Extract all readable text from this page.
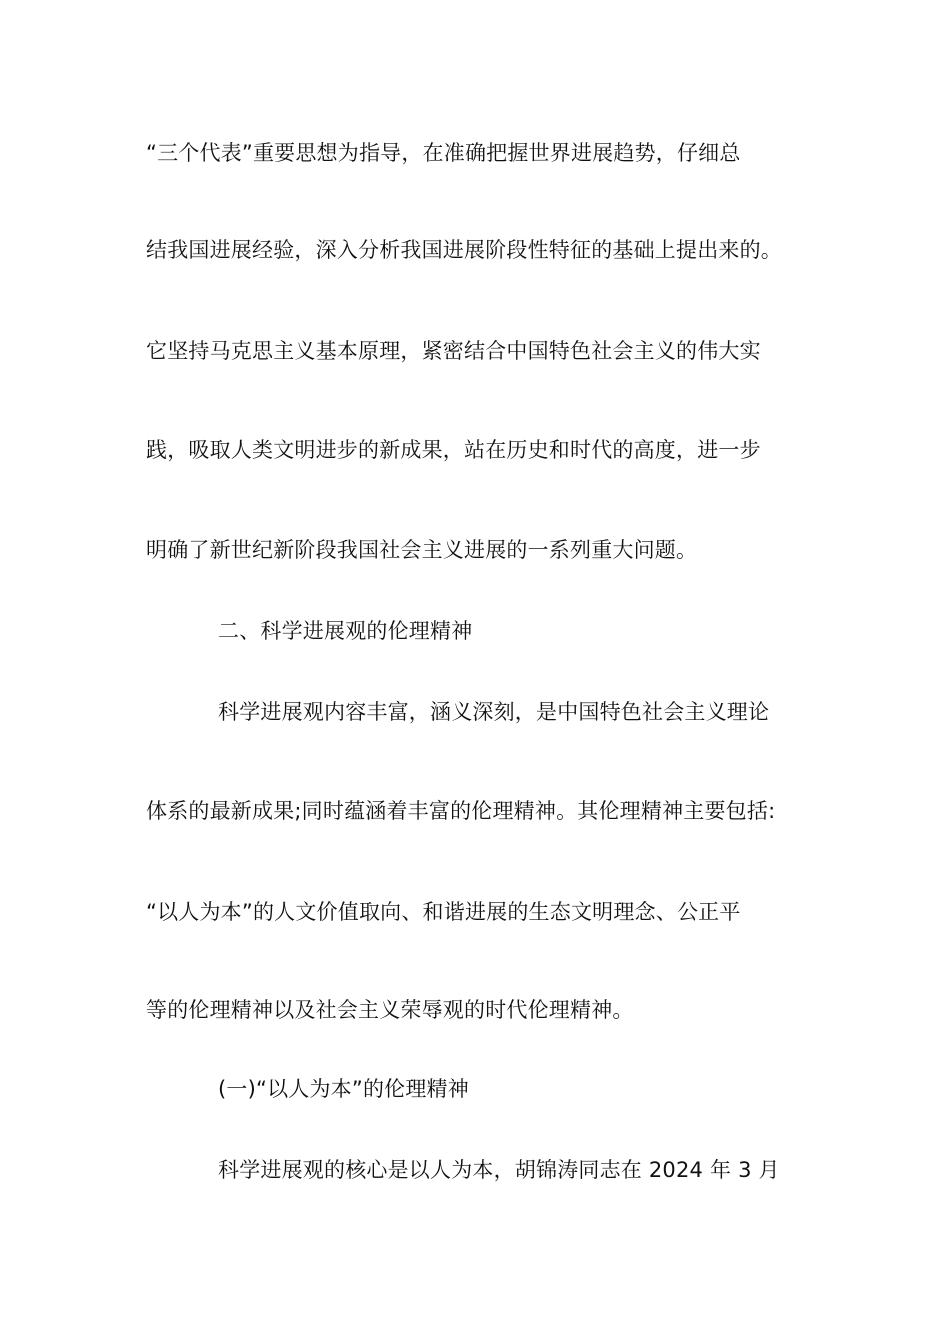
“三个代表”重要思想为指导，在准确把握世界进展趋势，仔细总
结我国进展经验，深入分析我国进展阶段性特征的基础上提出来的。
它坚持马克思主义基本原理，紧密结合中国特色社会主义的伟大实
践，吸取人类文明进步的新成果，站在历史和时代的高度，进一步
明确了新世纪新阶段我国社会主义进展的一系列重大问题。
二、科学进展观的伦理精神
科学进展观内容丰富，涵义深刻，是中国特色社会主义理论
体系的最新成果;同时蕴涵着丰富的伦理精神。其伦理精神主要包括:
“以人为本”的人文价值取向、和谐进展的生态文明理念、公正平
等的伦理精神以及社会主义荣辱观的时代伦理精神。
(一)“以人为本”的伦理精神
科学进展观的核心是以人为本，胡锦涛同志在 2024 年 3 月
